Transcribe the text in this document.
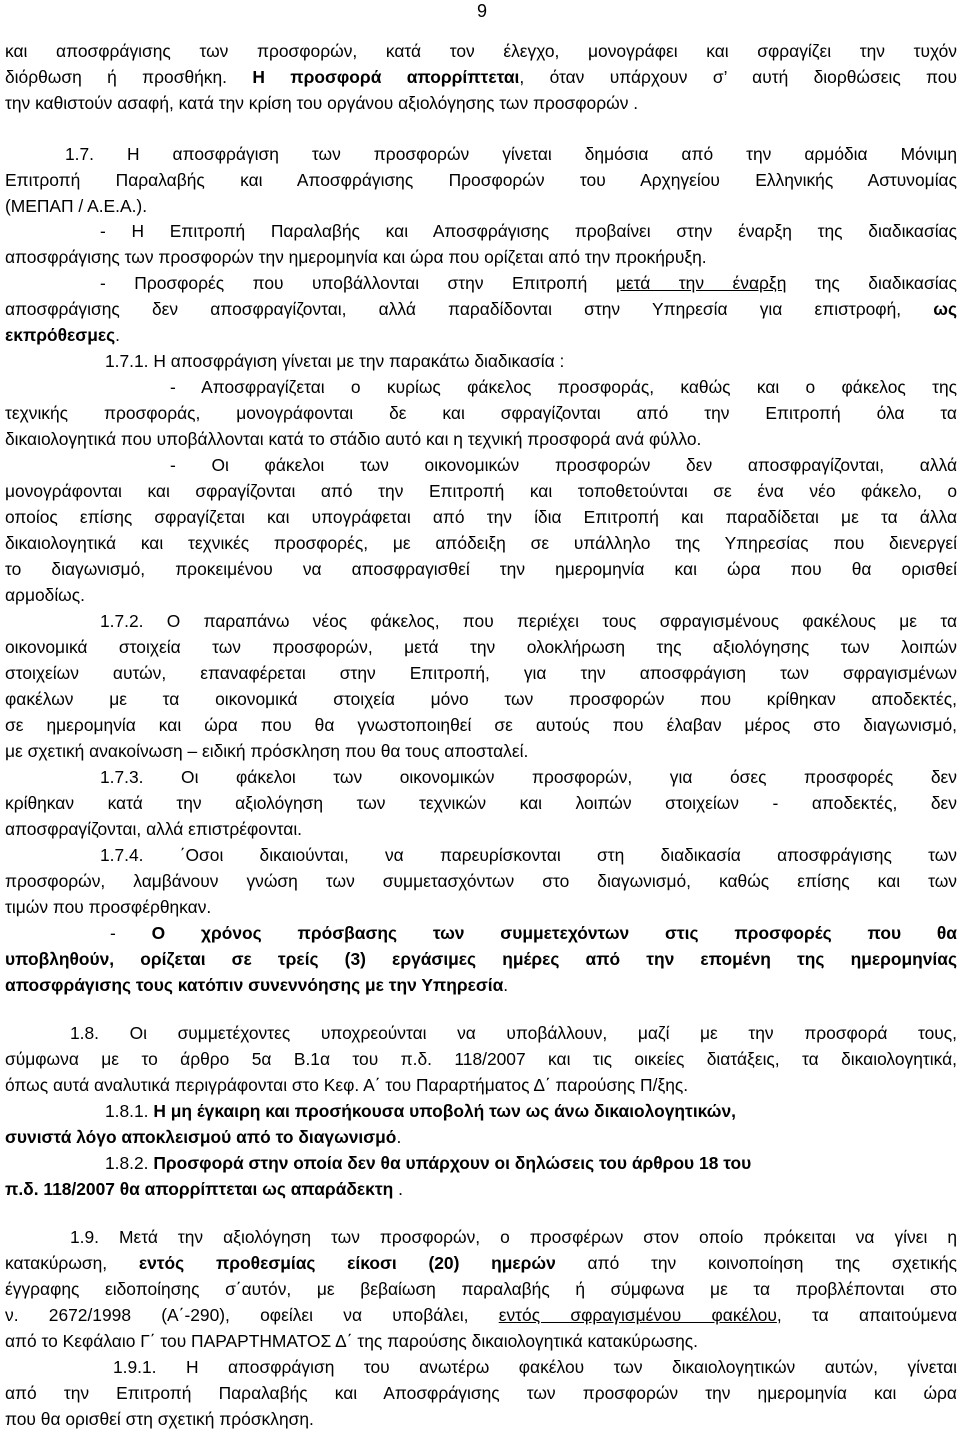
9
και αποσφράγισης των προσφορών, κατά τον έλεγχο, μονογράφει και σφραγίζει την τυχόν
διόρθωση ή προσθήκη. Η προσφορά απορρίπτεται, όταν υπάρχουν σ’ αυτή διορθώσεις που
την καθιστούν ασαφή, κατά την κρίση του οργάνου αξιολόγησης των προσφορών .
1.7. Η αποσφράγιση των προσφορών γίνεται δημόσια από την αρμόδια Μόνιμη
Επιτροπή Παραλαβής και Αποσφράγισης Προσφορών του Αρχηγείου Ελληνικής Αστυνομίας
(ΜΕΠΑΠ / Α.Ε.Α.).
- Η Επιτροπή Παραλαβής και Αποσφράγισης προβαίνει στην έναρξη της διαδικασίας
αποσφράγισης των προσφορών την ημερομηνία και ώρα που ορίζεται από την προκήρυξη.
- Προσφορές που υποβάλλονται στην Επιτροπή μετά την έναρξη της διαδικασίας
αποσφράγισης δεν αποσφραγίζονται, αλλά παραδίδονται στην Υπηρεσία για επιστροφή, ως
εκπρόθεσμες.
1.7.1. Η αποσφράγιση γίνεται με την παρακάτω διαδικασία :
- Αποσφραγίζεται ο κυρίως φάκελος προσφοράς, καθώς και ο φάκελος της
τεχνικής προσφοράς, μονογράφονται δε και σφραγίζονται από την Επιτροπή όλα τα
δικαιολογητικά που υποβάλλονται κατά το στάδιο αυτό και η τεχνική προσφορά ανά φύλλο.
- Οι φάκελοι των οικονομικών προσφορών δεν αποσφραγίζονται, αλλά
μονογράφονται και σφραγίζονται από την Επιτροπή και τοποθετούνται σε ένα νέο φάκελο, ο
οποίος επίσης σφραγίζεται και υπογράφεται από την ίδια Επιτροπή και παραδίδεται με τα άλλα
δικαιολογητικά και τεχνικές προσφορές, με απόδειξη σε υπάλληλο της Υπηρεσίας που διενεργεί
το διαγωνισμό, προκειμένου να αποσφραγισθεί την ημερομηνία και ώρα που θα ορισθεί
αρμοδίως.
1.7.2. Ο παραπάνω νέος φάκελος, που περιέχει τους σφραγισμένους φακέλους με τα
οικονομικά στοιχεία των προσφορών, μετά την ολοκλήρωση της αξιολόγησης των λοιπών
στοιχείων αυτών, επαναφέρεται στην Επιτροπή, για την αποσφράγιση των σφραγισμένων
φακέλων με τα οικονομικά στοιχεία μόνο των προσφορών που κρίθηκαν αποδεκτές,
σε ημερομηνία και ώρα που θα γνωστοποιηθεί σε αυτούς που έλαβαν μέρος στο διαγωνισμό,
με σχετική ανακοίνωση – ειδική πρόσκληση που θα τους αποσταλεί.
1.7.3. Οι φάκελοι των οικονομικών προσφορών, για όσες προσφορές δεν
κρίθηκαν κατά την αξιολόγηση των τεχνικών και λοιπών στοιχείων - αποδεκτές, δεν
αποσφραγίζονται, αλλά επιστρέφονται.
1.7.4. ΄Οσοι δικαιούνται, να παρευρίσκονται στη διαδικασία αποσφράγισης των
προσφορών, λαμβάνουν γνώση των συμμετασχόντων στο διαγωνισμό, καθώς επίσης και των
τιμών που προσφέρθηκαν.
- Ο χρόνος πρόσβασης των συμμετεχόντων στις προσφορές που θα
υποβληθούν, ορίζεται σε τρείς (3) εργάσιμες ημέρες από την επομένη της ημερομηνίας
αποσφράγισης τους κατόπιν συνεννόησης με την Υπηρεσία.
1.8. Οι συμμετέχοντες υποχρεούνται να υποβάλλουν, μαζί με την προσφορά τους,
σύμφωνα με το άρθρο 5α Β.1α του π.δ. 118/2007 και τις οικείες διατάξεις, τα δικαιολογητικά,
όπως αυτά αναλυτικά περιγράφονται στο Κεφ. Α΄ του Παραρτήματος Δ΄ παρούσης Π/ξης.
1.8.1. Η μη έγκαιρη και προσήκουσα υποβολή των ως άνω δικαιολογητικών,
συνιστά λόγο αποκλεισμού από το διαγωνισμό.
1.8.2. Προσφορά στην οποία δεν θα υπάρχουν οι δηλώσεις του άρθρου 18 του
π.δ. 118/2007 θα απορρίπτεται ως απαράδεκτη .
1.9. Μετά την αξιολόγηση των προσφορών, ο προσφέρων στον οποίο πρόκειται να γίνει η
κατακύρωση, εντός προθεσμίας είκοσι (20) ημερών από την κοινοποίηση της σχετικής
έγγραφης ειδοποίησης σ΄αυτόν, με βεβαίωση παραλαβής ή σύμφωνα με τα προβλέπονται στο
ν. 2672/1998 (Α΄-290), οφείλει να υποβάλει, εντός σφραγισμένου φακέλου, τα απαιτούμενα
από το Κεφάλαιο Γ΄ του ΠΑΡΑΡΤΗΜΑΤΟΣ Δ΄ της παρούσης δικαιολογητικά κατακύρωσης.
1.9.1. Η αποσφράγιση του ανωτέρω φακέλου των δικαιολογητικών αυτών, γίνεται
από την Επιτροπή Παραλαβής και Αποσφράγισης των προσφορών την ημερομηνία και ώρα
που θα ορισθεί στη σχετική πρόσκληση.
